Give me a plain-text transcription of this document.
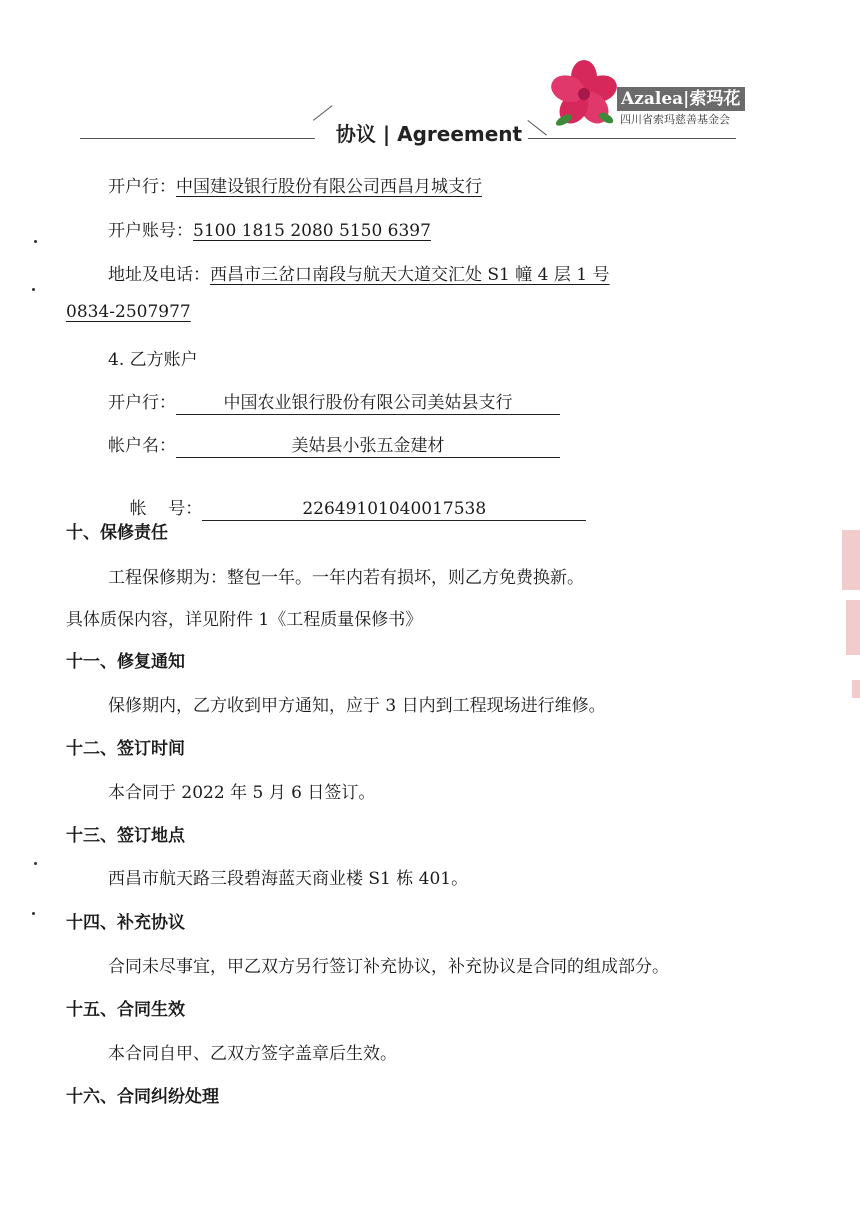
协议 | Agreement
Azalea|索玛花
四川省索玛慈善基金会
开户行：中国建设银行股份有限公司西昌月城支行
开户账号：5100 1815 2080 5150 6397
地址及电话：西昌市三岔口南段与航天大道交汇处 S1 幢 4 层 1 号
0834-2507977
4. 乙方账户
开户行：	中国农业银行股份有限公司美姑县支行
帐户名：	美姑县小张五金建材

帐    号：	22649101040017538

十、保修责任
工程保修期为：整包一年。一年内若有损坏，则乙方免费换新。
具体质保内容，详见附件 1《工程质量保修书》
十一、修复通知
保修期内，乙方收到甲方通知，应于 3 日内到工程现场进行维修。
十二、签订时间
本合同于 2022 年 5 月 6 日签订。
十三、签订地点
西昌市航天路三段碧海蓝天商业楼 S1 栋 401。
十四、补充协议
合同未尽事宜，甲乙双方另行签订补充协议，补充协议是合同的组成部分。
十五、合同生效
本合同自甲、乙双方签字盖章后生效。
十六、合同纠纷处理
